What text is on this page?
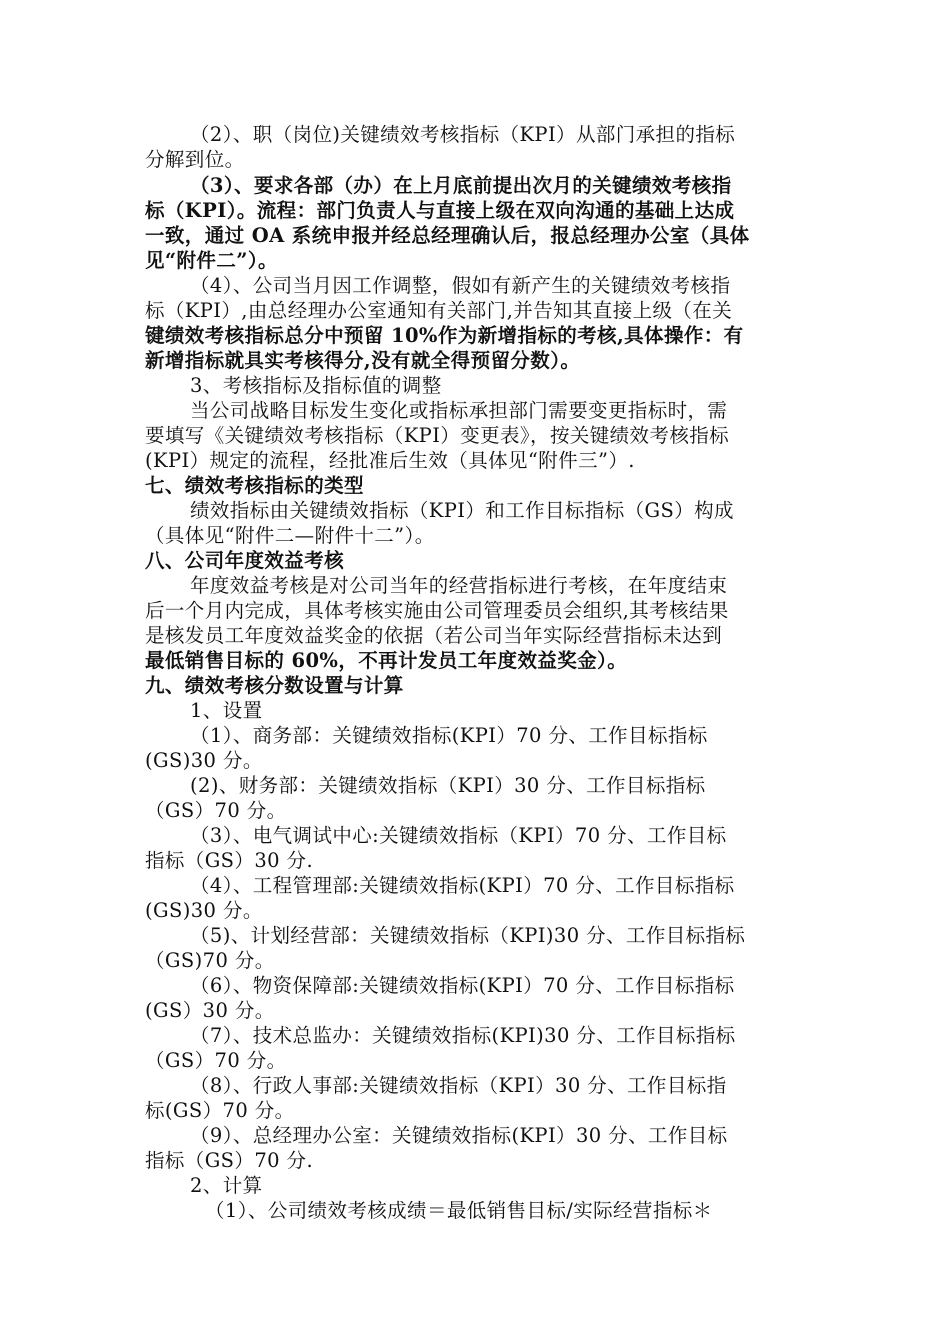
（2）、职（岗位)关键绩效考核指标（KPI）从部门承担的指标
分解到位。
（3）、要求各部（办）在上月底前提出次月的关键绩效考核指
标（KPI）。流程：部门负责人与直接上级在双向沟通的基础上达成
一致，通过 OA 系统申报并经总经理确认后，报总经理办公室（具体
见“附件二”）。
（4）、公司当月因工作调整，假如有新产生的关键绩效考核指
标（KPI）,由总经理办公室通知有关部门,并告知其直接上级（在关
键绩效考核指标总分中预留 10%作为新增指标的考核,具体操作：有
新增指标就具实考核得分,没有就全得预留分数）。
3、考核指标及指标值的调整
当公司战略目标发生变化或指标承担部门需要变更指标时，需
要填写《关键绩效考核指标（KPI）变更表》，按关键绩效考核指标
(KPI）规定的流程，经批准后生效（具体见“附件三”）.
七、绩效考核指标的类型
绩效指标由关键绩效指标（KPI）和工作目标指标（GS）构成
（具体见“附件二—附件十二”）。
八、公司年度效益考核
年度效益考核是对公司当年的经营指标进行考核，在年度结束
后一个月内完成，具体考核实施由公司管理委员会组织,其考核结果
是核发员工年度效益奖金的依据（若公司当年实际经营指标未达到
最低销售目标的 60%，不再计发员工年度效益奖金）。
九、绩效考核分数设置与计算
1、设置
（1）、商务部：关键绩效指标(KPI）70 分、工作目标指标
(GS)30 分。
(2)、财务部：关键绩效指标（KPI）30 分、工作目标指标
（GS）70 分。
（3）、电气调试中心:关键绩效指标（KPI）70 分、工作目标
指标（GS）30 分.
（4）、工程管理部:关键绩效指标(KPI）70 分、工作目标指标
(GS)30 分。
（5)、计划经营部：关键绩效指标（KPI)30 分、工作目标指标
（GS)70 分。
（6）、物资保障部:关键绩效指标(KPI）70 分、工作目标指标
(GS）30 分。
（7）、技术总监办：关键绩效指标(KPI)30 分、工作目标指标
（GS）70 分。
（8）、行政人事部:关键绩效指标（KPI）30 分、工作目标指
标(GS）70 分。
（9）、总经理办公室：关键绩效指标(KPI）30 分、工作目标
指标（GS）70 分.
2、计算
（1）、公司绩效考核成绩＝最低销售目标/实际经营指标＊
